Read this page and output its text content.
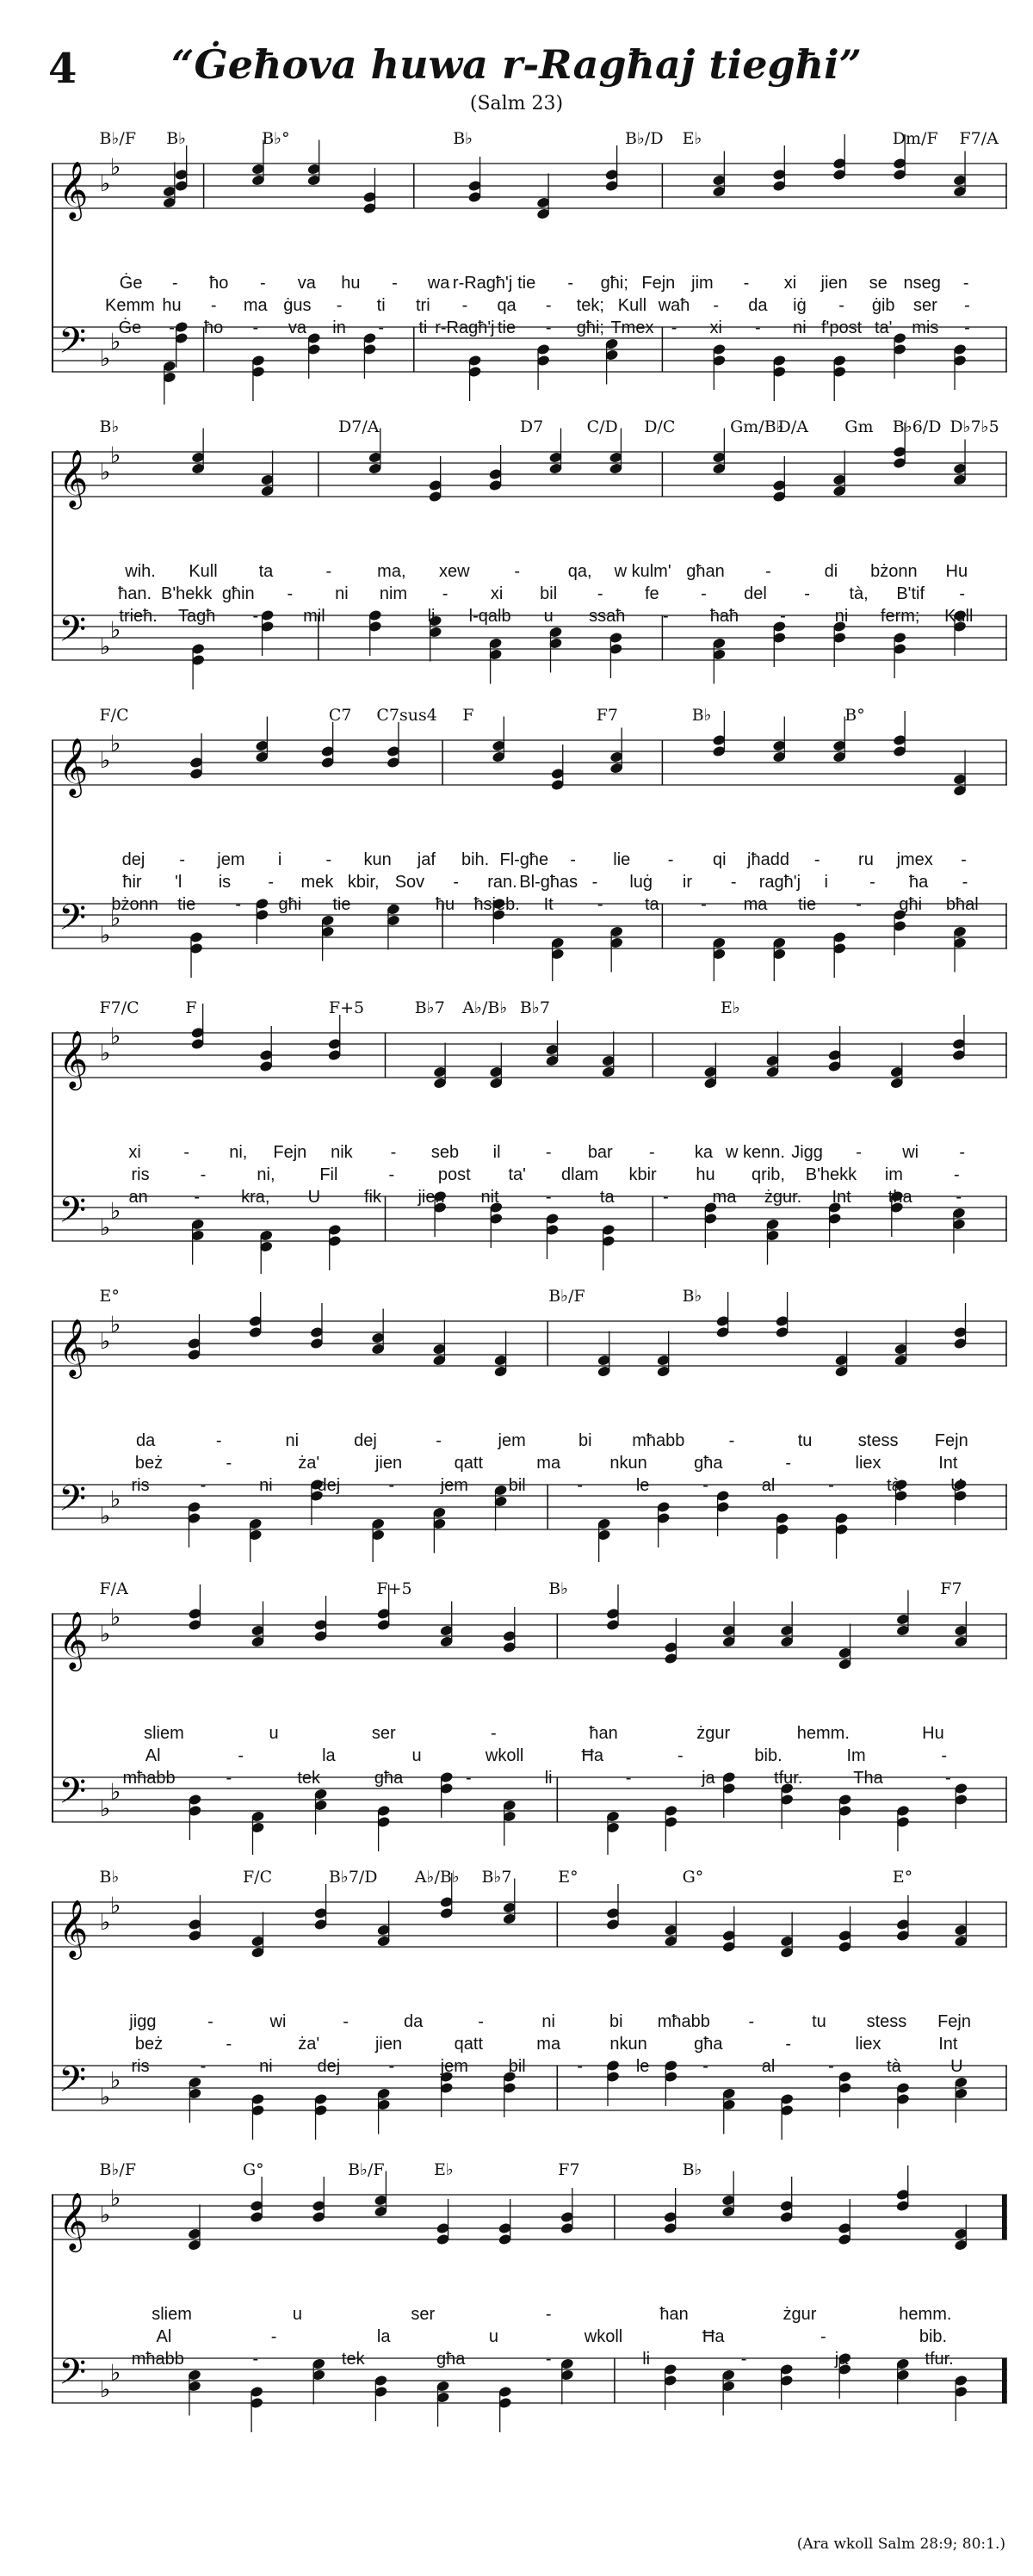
4	“Ġeħova huwa r-Ragħaj tiegħi”
(Salm 23)
B♭/F B♭	B♭°	B♭	B♭/D E♭	Dm/F F7/A
𝄞
𝄢
♭
♭
♭
♭
Ġe - ħo - va hu - wa r-Ragħ'j tie - għi; Fejn jim - xi jien se nseg -
Kemm hu - ma ġus - ti tri - qa - tek; Kull waħ - da iġ - ġib ser -
Ġe - ħo - va in - ti r-Ragħ'j tie - għi; Tmex - xi - ni f'post ta' mis -
B♭	D7/A	D7	C/D D/C	Gm/B♭
D/A Gm B♭6/D D♭7♭5
𝄞
𝄢
♭
♭
♭
♭
wih. Kull ta	-	ma, xew	-	qa, w kulm' għan -	di bżonn Hu
ħan. B'hekk għin - ni nim - xi bil - fe - del - tà, B'tif -
trieħ. Tagħ -	mil	-	li l-qalb u ssaħ - ħaħ -	ni ferm; Kull
F/C	C7 C7sus4 F	F7	B♭	B°
𝄞
𝄢
♭
♭
♭
♭
dej - jem i	- kun jaf bih. Fl-għe - lie - qi jħadd - ru jmex -
ħir 'l is - mek kbir, Sov - ran. Bl-għas - luġ ir - ragħ'j i - ħa -
bżonn tie - għi tie - ħu ħsieb. It	- ta - ma tie - għi bħal
F7/C	F	F+5	B♭7 A♭/B♭ B♭7	E♭
𝄞
𝄢
♭
♭
♭
♭
xi - ni, Fejn nik - seb il	- bar - ka w kenn. Jigg - wi -
ris	-	ni,	Fil	-	post ta' dlam kbir hu qrib, B'hekk im	-
an	- kra, U	fik jien nit	-	ta	-	ma żgur. Int tha	-
E°	B♭/F	B♭
𝄞
𝄢
♭
♭
♭
♭
da	-	ni	dej	-	jem	bi mħabb	-	tu	stess Fejn
beż	-	ża'	jien	qatt	ma	nkun	għa	-	liex	Int
ris	-	ni	dej	-	jem bil	-	le	-	al	-	tà	U
F/A	F+5	B♭	F7
𝄞
𝄢
♭
♭
♭
♭
sliem	u	ser	-	ħan	żgur	hemm.	Hu
Al	-	la	u	wkoll	Ħa	-	bib.	Im	-
mħabb	-	tek	għa	-	li	-	ja	tfur.	Tha	-
B♭	F/C	B♭7/D A♭/B♭ B♭7	E°	G°	E°
𝄞
𝄢
♭
♭
♭
♭
jigg	-	wi	-	da	-	ni	bi mħabb -	tu stess Fejn
beż	-	ża'	jien	qatt	ma	nkun	għa	-	liex	Int
ris	-	ni	dej	-	jem bil	-	le	-	al	-	tà	U
B♭/F	G°	B♭/F	E♭	F7	B♭
𝄞
𝄢
♭
♭
♭
♭
sliem	u	ser	-	ħan	żgur	hemm.
Al	-	la	u	wkoll	Ħa	-	bib.
mħabb	-	tek	għa	-	li	-	ja	tfur.
(Ara wkoll Salm 28:9; 80:1.)
